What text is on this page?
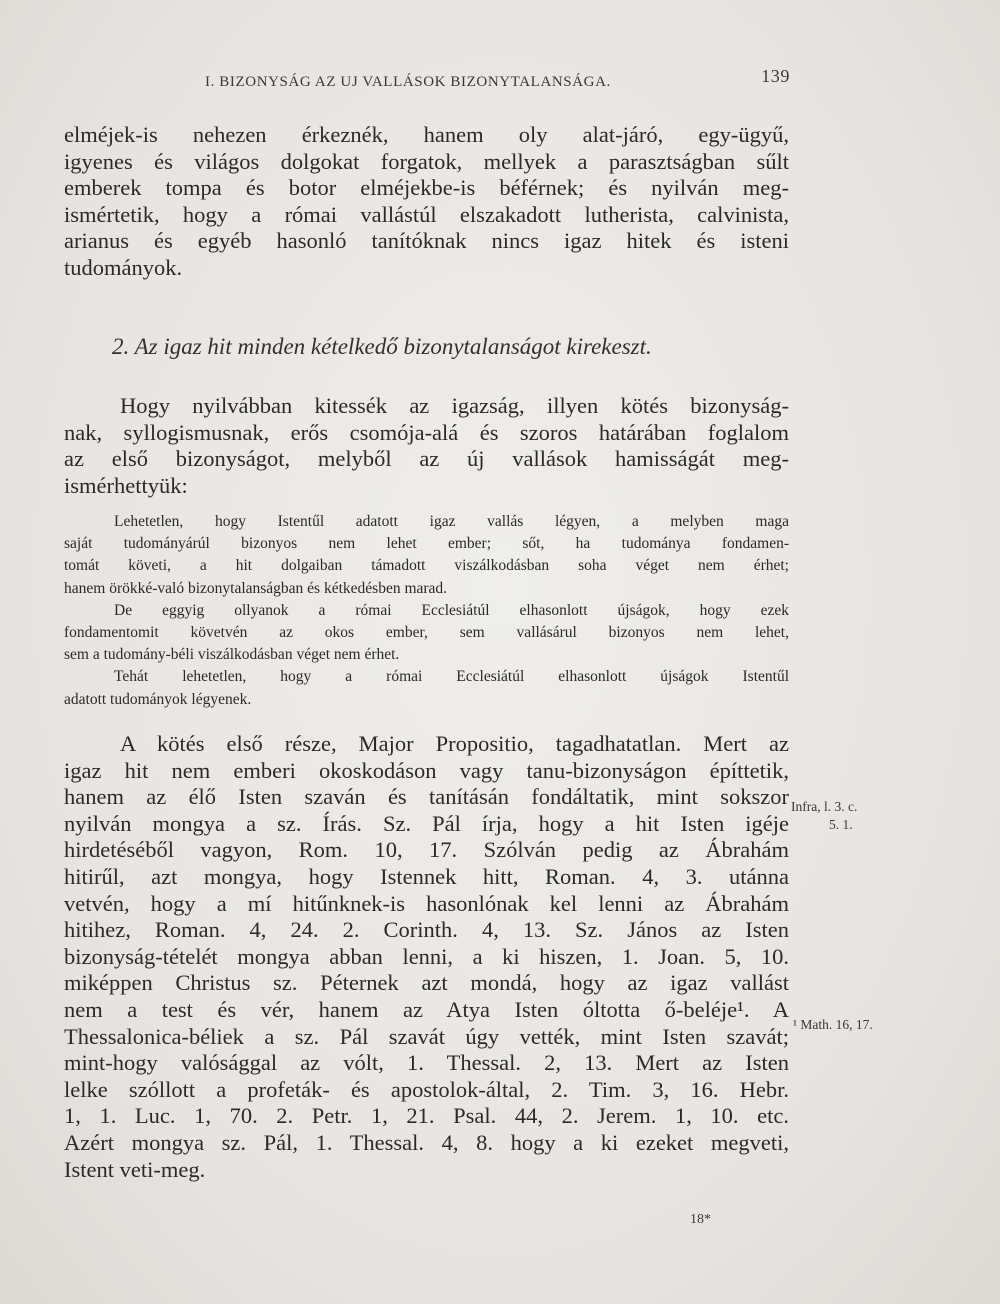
I. BIZONYSÁG AZ UJ VALLÁSOK BIZONYTALANSÁGA.	139
elméjek-is nehezen érkeznék, hanem oly alat-járó, egy-ügyű,
igyenes és világos dolgokat forgatok, mellyek a parasztságban sűlt
emberek tompa és botor elméjekbe-is béférnek; és nyilván meg-
ismértetik, hogy a római vallástúl elszakadott lutherista, calvinista,
arianus és egyéb hasonló tanítóknak nincs igaz hitek és isteni
tudományok.
2. Az igaz hit minden kételkedő bizonytalanságot kirekeszt.
Hogy nyilvábban kitessék az igazság, illyen kötés bizonyság-
nak, syllogismusnak, erős csomója-alá és szoros határában foglalom
az első bizonyságot, melyből az új vallások hamisságát meg-
ismérhettyük:
Lehetetlen, hogy Istentűl adatott igaz vallás légyen, a melyben maga
saját tudományárúl bizonyos nem lehet ember; sőt, ha tudománya fondamen-
tomát követi, a hit dolgaiban támadott viszálkodásban soha véget nem érhet;
hanem örökké-való bizonytalanságban és kétkedésben marad.
De eggyig ollyanok a római Ecclesiátúl elhasonlott újságok, hogy ezek
fondamentomit követvén az okos ember, sem vallásárul bizonyos nem lehet,
sem a tudomány-béli viszálkodásban véget nem érhet.
Tehát lehetetlen, hogy a római Ecclesiátúl elhasonlott újságok Istentűl
adatott tudományok légyenek.
A kötés első része, Major Propositio, tagadhatatlan. Mert az
igaz hit nem emberi okoskodáson vagy tanu-bizonyságon építtetik,
hanem az élő Isten szaván és tanításán fondáltatik, mint sokszor
nyilván mongya a sz. Írás. Sz. Pál írja, hogy a hit Isten igéje
hirdetéséből vagyon, Rom. 10, 17. Szólván pedig az Ábrahám
hitirűl, azt mongya, hogy Istennek hitt, Roman. 4, 3. utánna
vetvén, hogy a mí hitűnknek-is hasonlónak kel lenni az Ábrahám
hitihez, Roman. 4, 24. 2. Corinth. 4, 13. Sz. János az Isten
bizonyság-tételét mongya abban lenni, a ki hiszen, 1. Joan. 5, 10.
miképpen Christus sz. Péternek azt mondá, hogy az igaz vallást
nem a test és vér, hanem az Atya Isten óltotta ő-beléje¹. A
Thessalonica-béliek a sz. Pál szavát úgy vették, mint Isten szavát;
mint-hogy valósággal az vólt, 1. Thessal. 2, 13. Mert az Isten
lelke szóllott a profeták- és apostolok-által, 2. Tim. 3, 16. Hebr.
1, 1. Luc. 1, 70. 2. Petr. 1, 21. Psal. 44, 2. Jerem. 1, 10. etc.
Azért mongya sz. Pál, 1. Thessal. 4, 8. hogy a ki ezeket megveti,
Istent veti-meg.
Infra, l. 3. c.
5. 1.
¹ Math. 16, 17.
18*
